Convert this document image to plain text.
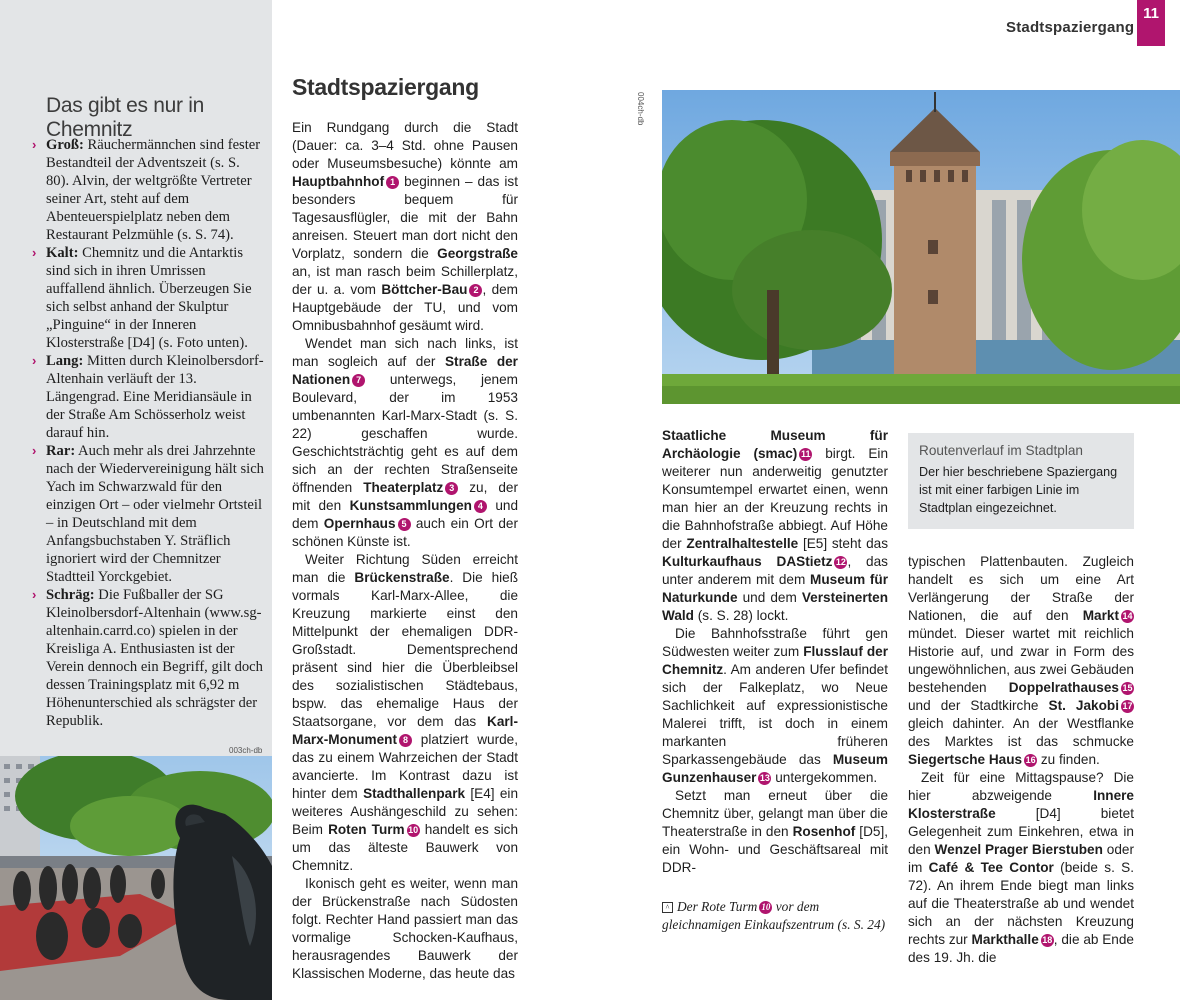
Stadtspaziergang
11
Das gibt es nur in Chemnitz
› Groß: Räuchermännchen sind fester Bestandteil der Adventszeit (s. S. 80). Alvin, der weltgrößte Vertreter seiner Art, steht auf dem Abenteuerspielplatz neben dem Restaurant Pelzmühle (s. S. 74).
› Kalt: Chemnitz und die Antarktis sind sich in ihren Umrissen auffallend ähnlich. Überzeugen Sie sich selbst anhand der Skulptur „Pinguine“ in der Inneren Klosterstraße [D4] (s. Foto unten).
› Lang: Mitten durch Kleinolbersdorf-Altenhain verläuft der 13. Längengrad. Eine Meridiansäule in der Straße Am Schösserholz weist darauf hin.
› Rar: Auch mehr als drei Jahrzehnte nach der Wiedervereinigung hält sich Yach im Schwarzwald für den einzigen Ort – oder vielmehr Ortsteil – in Deutschland mit dem Anfangsbuchstaben Y. Sträflich ignoriert wird der Chemnitzer Stadtteil Yorckgebiet.
› Schräg: Die Fußballer der SG Kleinolbersdorf-Altenhain (www.sg-altenhain.carrd.co) spielen in der Kreisliga A. Enthusiasten ist der Verein dennoch ein Begriff, gilt doch dessen Trainingsplatz mit 6,92 m Höhenunterschied als schrägster der Republik.
003ch-db
Stadtspaziergang

Ein Rundgang durch die Stadt (Dauer: ca. 3–4 Std. ohne Pausen oder Museumsbesuche) könnte am Hauptbahnhof 1 beginnen – das ist besonders bequem für Tagesausflügler, die mit der Bahn anreisen. Steuert man dort nicht den Vorplatz, sondern die Georgstraße an, ist man rasch beim Schillerplatz, der u. a. vom Böttcher-Bau 2 , dem Hauptgebäude der TU, und vom Omnibusbahnhof gesäumt wird.

Wendet man sich nach links, ist man sogleich auf der Straße der Nationen 7 unterwegs, jenem Boulevard, der im 1953 umbenannten Karl-Marx-Stadt (s. S. 22) geschaffen wurde. Geschichtsträchtig geht es auf dem sich an der rechten Straßenseite öffnenden Theaterplatz 3 zu, der mit den Kunstsammlungen 4 und dem Opernhaus 5 auch ein Ort der schönen Künste ist.

Weiter Richtung Süden erreicht man die Brückenstraße. Die hieß vormals Karl-Marx-Allee, die Kreuzung markierte einst den Mittelpunkt der ehemaligen DDR-Großstadt. Dementsprechend präsent sind hier die Überbleibsel des sozialistischen Städtebaus, bspw. das ehemalige Haus der Staatsorgane, vor dem das Karl-Marx-Monument 8 platziert wurde, das zu einem Wahrzeichen der Stadt avancierte. Im Kontrast dazu ist hinter dem Stadthallenpark [E4] ein weiteres Aushängeschild zu sehen: Beim Roten Turm 10 handelt es sich um das älteste Bauwerk von Chemnitz.

Ikonisch geht es weiter, wenn man der Brückenstraße nach Südosten folgt. Rechter Hand passiert man das vormalige Schocken-Kaufhaus, herausragendes Bauwerk der Klassischen Moderne, das heute das

004ch-db
Routenverlauf im Stadtplan
Der hier beschriebene Spaziergang ist mit einer farbigen Linie im Stadtplan eingezeichnet.

Staatliche Museum für Archäologie (smac) 11 birgt. Ein weiterer nun anderweitig genutzter Konsumtempel erwartet einen, wenn man hier an der Kreuzung rechts in die Bahnhofstraße abbiegt. Auf Höhe der Zentralhaltestelle [E5] steht das Kulturkaufhaus DAStietz 12 , das unter anderem mit dem Museum für Naturkunde und dem Versteinerten Wald (s. S. 28) lockt.

Die Bahnhofsstraße führt gen Südwesten weiter zum Flusslauf der Chemnitz. Am anderen Ufer befindet sich der Falkeplatz, wo Neue Sachlichkeit auf expressionistische Malerei trifft, ist doch in einem markanten früheren Sparkassengebäude das Museum Gunzenhauser 13 untergekommen.

Setzt man erneut über die Chemnitz über, gelangt man über die Theaterstraße in den Rosenhof [D5], ein Wohn- und Geschäftsareal mit DDR-

^ Der Rote Turm 10 vor dem gleichnamigen Einkaufszentrum (s. S. 24)

typischen Plattenbauten. Zugleich handelt es sich um eine Art Verlängerung der Straße der Nationen, die auf den Markt 14 mündet. Dieser wartet mit reichlich Historie auf, und zwar in Form des ungewöhnlichen, aus zwei Gebäuden bestehenden Doppelrathauses 15 und der Stadtkirche St. Jakobi 17 gleich dahinter. An der Westflanke des Marktes ist das schmucke Siegertsche Haus 16 zu finden.

Zeit für eine Mittagspause? Die hier abzweigende Innere Klosterstraße [D4] bietet Gelegenheit zum Einkehren, etwa in den Wenzel Prager Bierstuben oder im Café & Tee Contor (beide s. S. 72). An ihrem Ende biegt man links auf die Theaterstraße ab und wendet sich an der nächsten Kreuzung rechts zur Markthalle 18 , die ab Ende des 19. Jh. die
